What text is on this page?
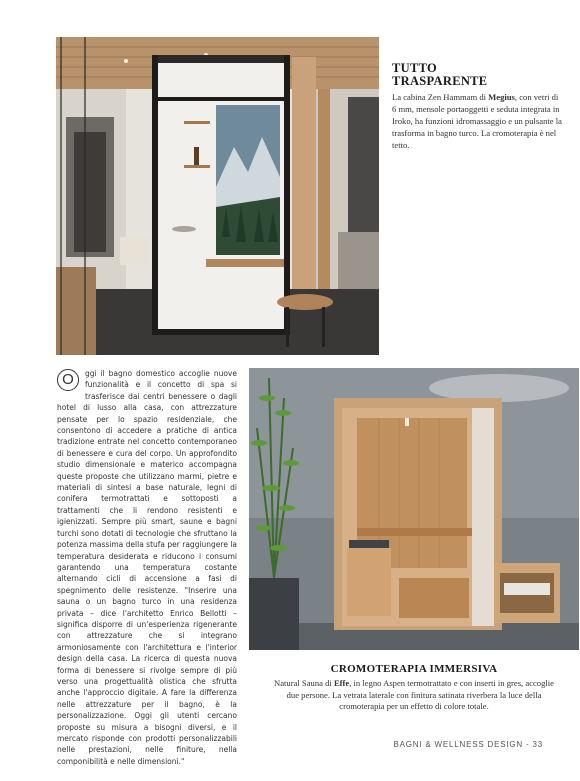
TUTTO
TRASPARENTE

La cabina Zen Hammam di Megius, con vetri di 6 mm, mensole portaoggetti e seduta integrata in Iroko, ha funzioni idromassaggio e un pulsante la trasforma in bagno turco. La cromoterapia è nel tetto.

O	ggi il bagno domestico accoglie nuove funzionalità e il concetto di spa si trasferisce dai centri benessere o dagli hotel di lusso alla casa, con attrezzature pensate per lo spazio residenziale, che consentono di accedere a pratiche di antica tradizione entrate nel concetto contemporaneo di benessere e cura del corpo. Un approfondito studio dimensionale e materico accompagna queste proposte che utilizzano marmi, pietre e materiali di sintesi a base naturale, legni di conifera termotrattati e sottoposti a trattamenti che li rendono resistenti e igienizzati. Sempre più smart, saune e bagni turchi sono dotati di tecnologie che sfruttano la potenza massima della stufa per raggiungere la temperatura desiderata e riducono i consumi garantendo una temperatura costante alternando cicli di accensione a fasi di spegnimento delle resistenze. "Inserire una sauna o un bagno turco in una residenza privata – dice l'architetto Enrico Bellotti – significa disporre di un'esperienza rigenerante con attrezzature che si integrano armoniosamente con l'architettura e l'interior design della casa. La ricerca di questa nuova forma di benessere si rivolge sempre di più verso una progettualità olistica che sfrutta anche l'approccio digitale. A fare la differenza nelle attrezzature per il bagno, è la personalizzazione. Oggi gli utenti cercano proposte su misura a bisogni diversi, e il mercato risponde con prodotti personalizzabili nelle prestazioni, nelle finiture, nella componibilità e nelle dimensioni."
CROMOTERAPIA IMMERSIVA

Natural Sauna di Effe, in legno Aspen termotrattato e con inserti in gres, accoglie due persone. La vetrata laterale con finitura satinata riverbera la luce della cromoterapia per un effetto di colore totale.

BAGNI & WELLNESS DESIGN - 33
